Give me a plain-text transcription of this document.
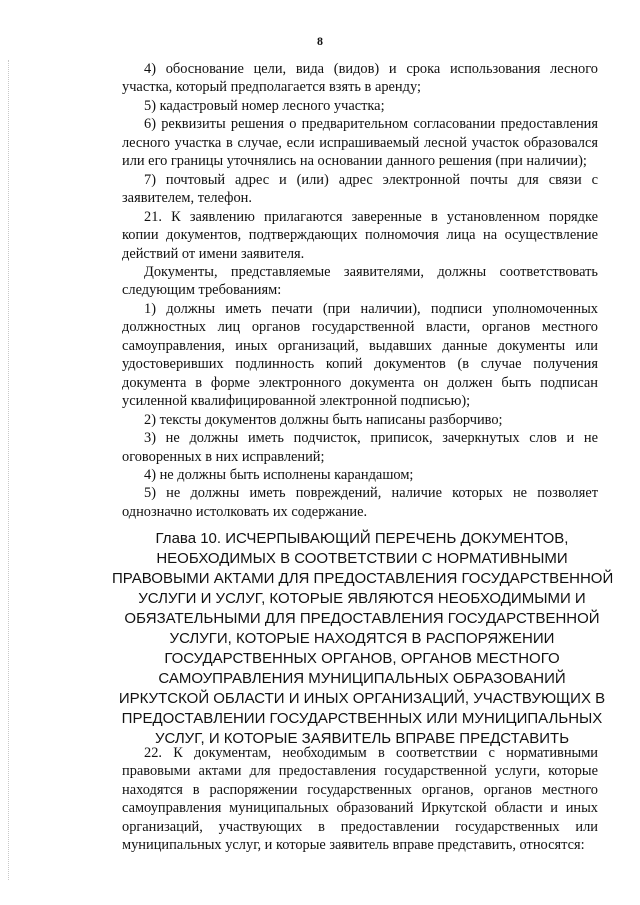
8

4) обоснование цели, вида (видов) и срока использования лесного участка, который предполагается взять в аренду;

5) кадастровый номер лесного участка;

6) реквизиты решения о предварительном согласовании предоставления лесного участка в случае, если испрашиваемый лесной участок образовался или его границы уточнялись на основании данного решения (при наличии);

7) почтовый адрес и (или) адрес электронной почты для связи с заявителем, телефон.

21. К заявлению прилагаются заверенные в установленном порядке копии документов, подтверждающих полномочия лица на осуществление действий от имени заявителя.

Документы, представляемые заявителями, должны соответствовать следующим требованиям:

1) должны иметь печати (при наличии), подписи уполномоченных должностных лиц органов государственной власти, органов местного самоуправления, иных организаций, выдавших данные документы или удостоверивших подлинность копий документов (в случае получения документа в форме электронного документа он должен быть подписан усиленной квалифицированной электронной подписью);

2) тексты документов должны быть написаны разборчиво;

3) не должны иметь подчисток, приписок, зачеркнутых слов и не оговоренных в них исправлений;

4) не должны быть исполнены карандашом;

5) не должны иметь повреждений, наличие которых не позволяет однозначно истолковать их содержание.

Глава 10. ИСЧЕРПЫВАЮЩИЙ ПЕРЕЧЕНЬ ДОКУМЕНТОВ,
НЕОБХОДИМЫХ В СООТВЕТСТВИИ С НОРМАТИВНЫМИ
ПРАВОВЫМИ АКТАМИ ДЛЯ ПРЕДОСТАВЛЕНИЯ ГОСУДАРСТВЕННОЙ
УСЛУГИ И УСЛУГ, КОТОРЫЕ ЯВЛЯЮТСЯ НЕОБХОДИМЫМИ И
ОБЯЗАТЕЛЬНЫМИ ДЛЯ ПРЕДОСТАВЛЕНИЯ ГОСУДАРСТВЕННОЙ
УСЛУГИ, КОТОРЫЕ НАХОДЯТСЯ В РАСПОРЯЖЕНИИ
ГОСУДАРСТВЕННЫХ ОРГАНОВ, ОРГАНОВ МЕСТНОГО
САМОУПРАВЛЕНИЯ МУНИЦИПАЛЬНЫХ ОБРАЗОВАНИЙ
ИРКУТСКОЙ ОБЛАСТИ И ИНЫХ ОРГАНИЗАЦИЙ, УЧАСТВУЮЩИХ В
ПРЕДОСТАВЛЕНИИ ГОСУДАРСТВЕННЫХ ИЛИ МУНИЦИПАЛЬНЫХ
УСЛУГ, И КОТОРЫЕ ЗАЯВИТЕЛЬ ВПРАВЕ ПРЕДСТАВИТЬ

22. К документам, необходимым в соответствии с нормативными правовыми актами для предоставления государственной услуги, которые находятся в распоряжении государственных органов, органов местного самоуправления муниципальных образований Иркутской области и иных организаций, участвующих в предоставлении государственных или муниципальных услуг, и которые заявитель вправе представить, относятся:
